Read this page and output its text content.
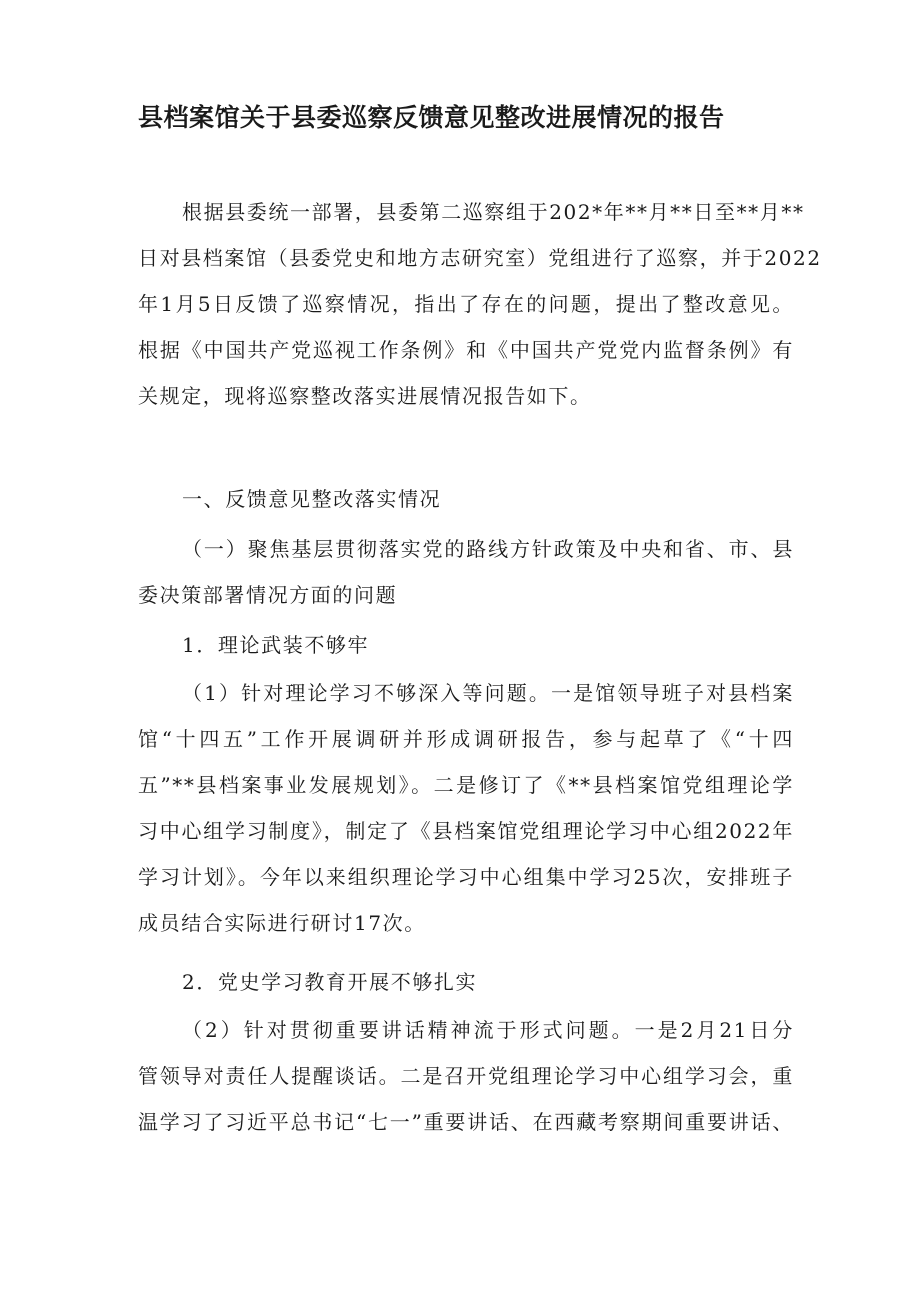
县档案馆关于县委巡察反馈意见整改进展情况的报告
根据县委统一部署，县委第二巡察组于202*年**月**日至**月**
日对县档案馆（县委党史和地方志研究室）党组进行了巡察，并于2022
年1月5日反馈了巡察情况，指出了存在的问题，提出了整改意见。
根据《中国共产党巡视工作条例》和《中国共产党党内监督条例》有
关规定，现将巡察整改落实进展情况报告如下。
一、反馈意见整改落实情况
（一）聚焦基层贯彻落实党的路线方针政策及中央和省、市、县
委决策部署情况方面的问题
1．理论武装不够牢
（1）针对理论学习不够深入等问题。一是馆领导班子对县档案
馆“十四五”工作开展调研并形成调研报告，参与起草了《“十四
五”**县档案事业发展规划》。二是修订了《**县档案馆党组理论学
习中心组学习制度》，制定了《县档案馆党组理论学习中心组2022年
学习计划》。今年以来组织理论学习中心组集中学习25次，安排班子
成员结合实际进行研讨17次。
2．党史学习教育开展不够扎实
（2）针对贯彻重要讲话精神流于形式问题。一是2月21日分
管领导对责任人提醒谈话。二是召开党组理论学习中心组学习会，重
温学习了习近平总书记“七一”重要讲话、在西藏考察期间重要讲话、
